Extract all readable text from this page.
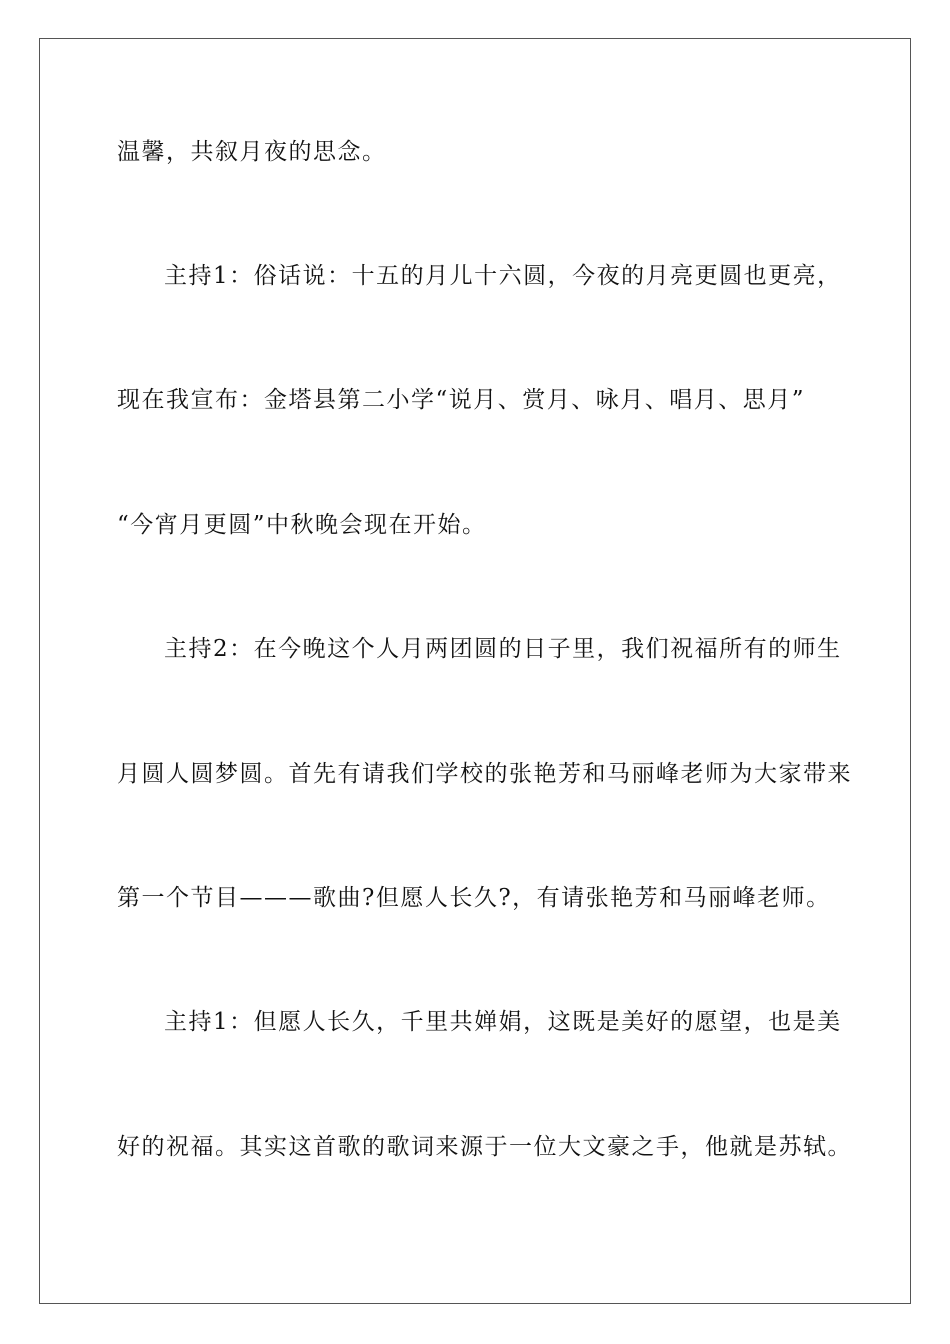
温馨，共叙月夜的思念。
主持1：俗话说：十五的月儿十六圆，今夜的月亮更圆也更亮，
现在我宣布：金塔县第二小学“说月、赏月、咏月、唱月、思月”
“今宵月更圆”中秋晚会现在开始。
主持2：在今晚这个人月两团圆的日子里，我们祝福所有的师生
月圆人圆梦圆。首先有请我们学校的张艳芳和马丽峰老师为大家带来
第一个节目———歌曲?但愿人长久?，有请张艳芳和马丽峰老师。
主持1：但愿人长久，千里共婵娟，这既是美好的愿望，也是美
好的祝福。其实这首歌的歌词来源于一位大文豪之手，他就是苏轼。
